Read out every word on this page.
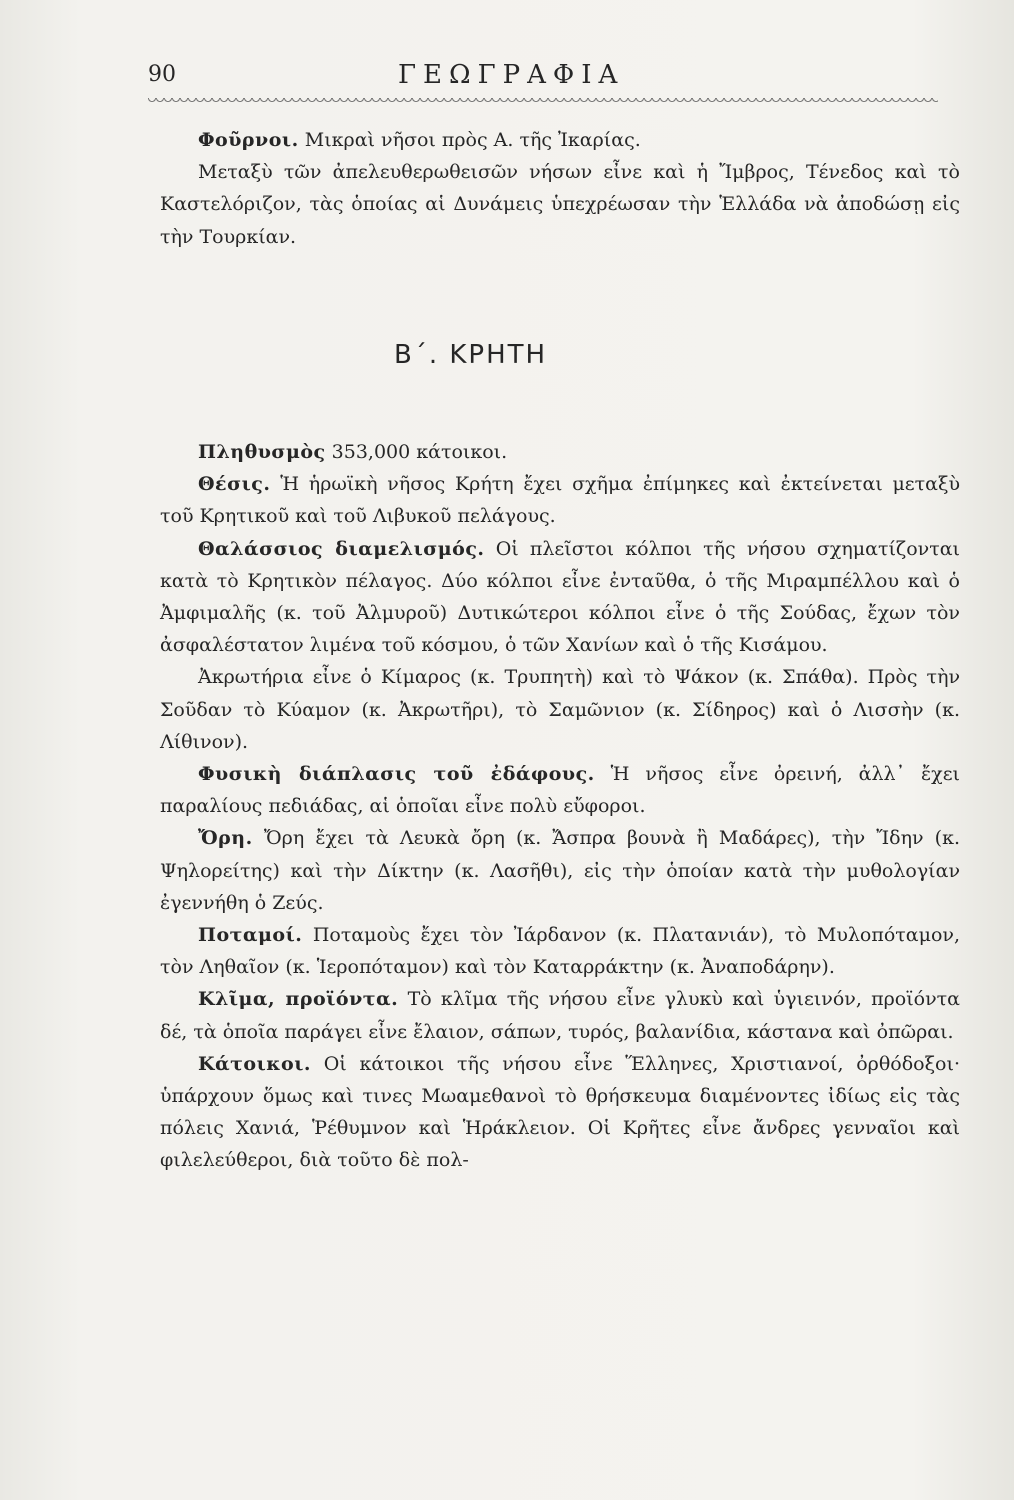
90	ΓΕΩΓΡΑΦΙΑ

Φοῦρνοι. Μικραὶ νῆσοι πρὸς Α. τῆς Ἰκαρίας.

Μεταξὺ τῶν ἀπελευθερωθεισῶν νήσων εἶνε καὶ ἡ Ἴμβρος, Τένεδος καὶ τὸ Καστελόριζον, τὰς ὁποίας αἱ Δυνάμεις ὑπεχρέωσαν τὴν Ἑλλάδα νὰ ἀποδώσῃ εἰς τὴν Τουρκίαν.

Β΄. ΚΡΗΤΗ

Πληθυσμὸς 353,000 κάτοικοι.

Θέσις. Ἡ ἡρωϊκὴ νῆσος Κρήτη ἔχει σχῆμα ἐπίμηκες καὶ ἐκτείνεται μεταξὺ τοῦ Κρητικοῦ καὶ τοῦ Λιβυκοῦ πελάγους.

Θαλάσσιος διαμελισμός. Οἱ πλεῖστοι κόλποι τῆς νήσου σχηματίζονται κατὰ τὸ Κρητικὸν πέλαγος. Δύο κόλποι εἶνε ἐνταῦθα, ὁ τῆς Μιραμπέλλου καὶ ὁ Ἀμφιμαλῆς (κ. τοῦ Ἀλμυροῦ) Δυτικώτεροι κόλποι εἶνε ὁ τῆς Σούδας, ἔχων τὸν ἀσφαλέστατον λιμένα τοῦ κόσμου, ὁ τῶν Χανίων καὶ ὁ τῆς Κισάμου.

Ἀκρωτήρια εἶνε ὁ Κίμαρος (κ. Τρυπητὴ) καὶ τὸ Ψάκον (κ. Σπάθα). Πρὸς τὴν Σοῦδαν τὸ Κύαμον (κ. Ἀκρωτῆρι), τὸ Σαμῶνιον (κ. Σίδηρος) καὶ ὁ Λισσὴν (κ. Λίθινον).

Φυσικὴ διάπλασις τοῦ ἐδάφους. Ἡ νῆσος εἶνε ὀρεινή, ἀλλ᾽ ἔχει παραλίους πεδιάδας, αἱ ὁποῖαι εἶνε πολὺ εὔφοροι.

Ὄρη. Ὄρη ἔχει τὰ Λευκὰ ὄρη (κ. Ἄσπρα βουνὰ ἢ Μαδάρες), τὴν Ἴδην (κ. Ψηλορείτης) καὶ τὴν Δίκτην (κ. Λασῆθι), εἰς τὴν ὁποίαν κατὰ τὴν μυθολογίαν ἐγεννήθη ὁ Ζεύς.

Ποταμοί. Ποταμοὺς ἔχει τὸν Ἰάρδανον (κ. Πλατανιάν), τὸ Μυλοπόταμον, τὸν Ληθαῖον (κ. Ἱεροπόταμον) καὶ τὸν Καταρράκτην (κ. Ἀναποδάρην).

Κλῖμα, προϊόντα. Τὸ κλῖμα τῆς νήσου εἶνε γλυκὺ καὶ ὑγιεινόν, προϊόντα δέ, τὰ ὁποῖα παράγει εἶνε ἔλαιον, σάπων, τυρός, βαλανίδια, κάστανα καὶ ὀπῶραι.

Κάτοικοι. Οἱ κάτοικοι τῆς νήσου εἶνε Ἕλληνες, Χριστιανοί, ὀρθόδοξοι· ὑπάρχουν ὅμως καὶ τινες Μωαμεθανοὶ τὸ θρήσκευμα διαμένοντες ἰδίως εἰς τὰς πόλεις Χανιά, Ῥέθυμνον καὶ Ἡράκλειον. Οἱ Κρῆτες εἶνε ἄνδρες γενναῖοι καὶ φιλελεύθεροι, διὰ τοῦτο δὲ πολ-
